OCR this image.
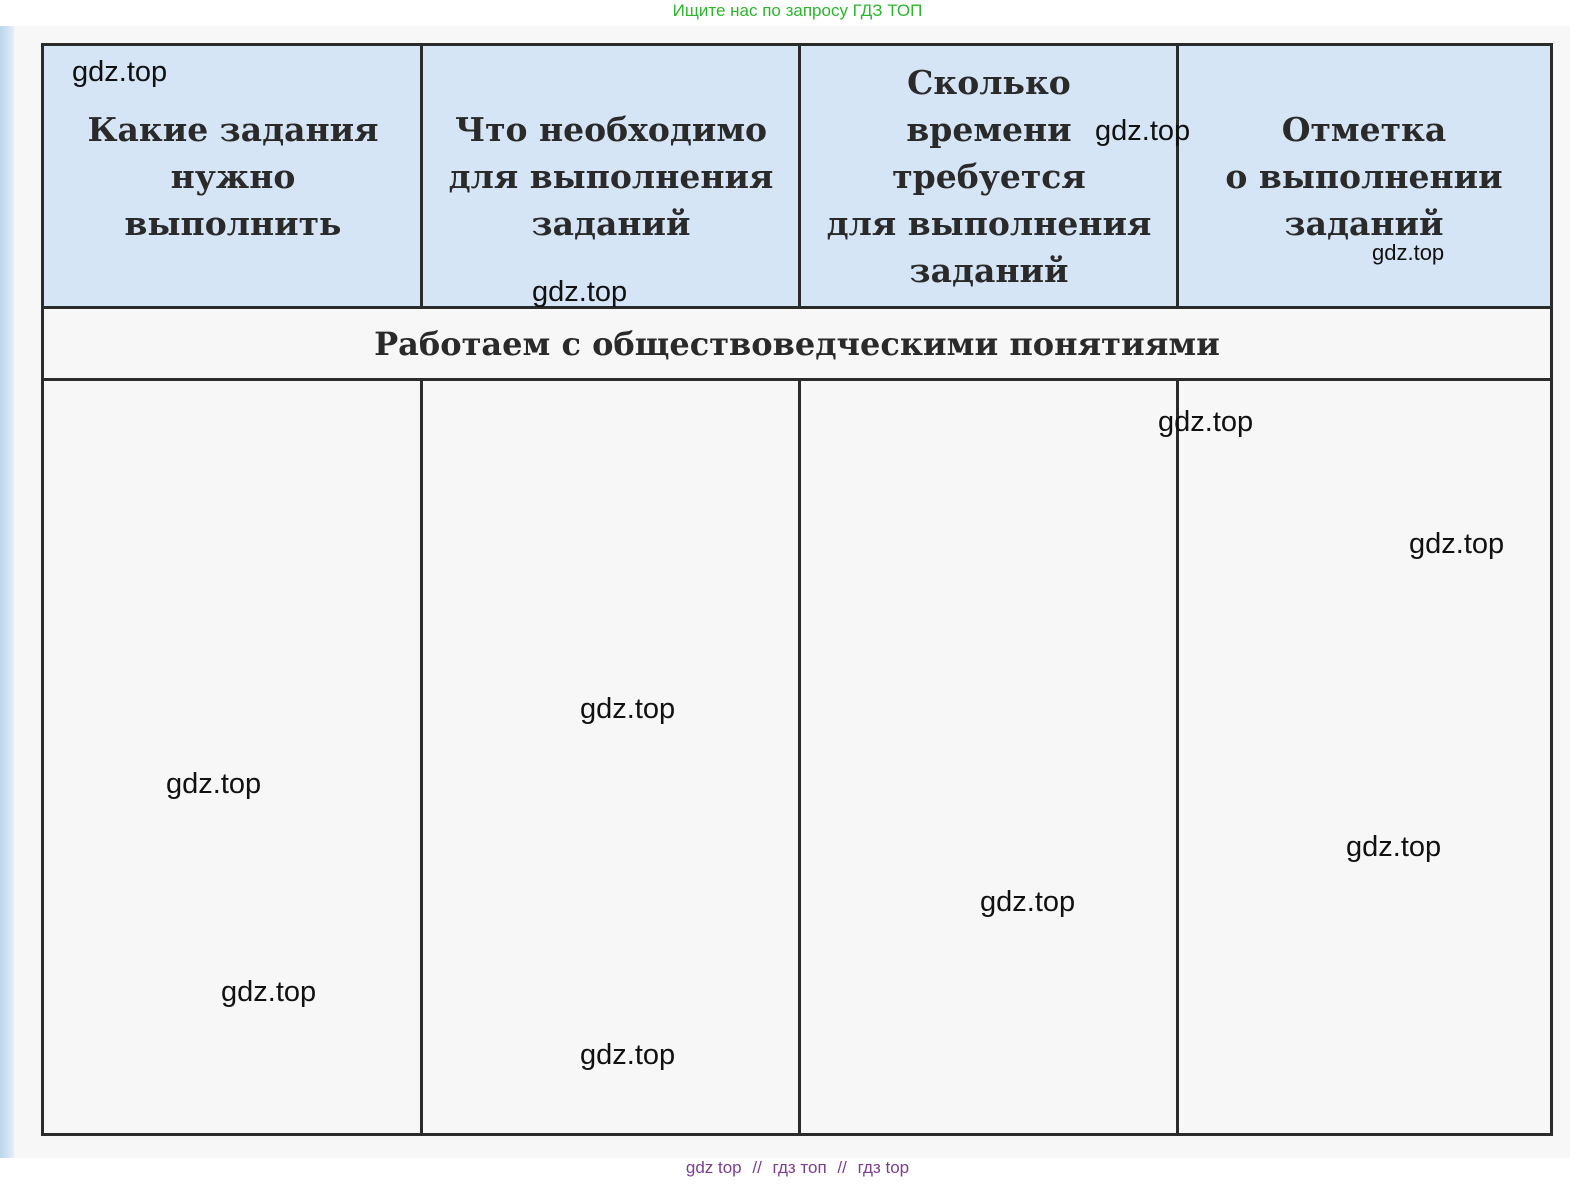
Ищите нас по запросу ГДЗ ТОП
Какие задания
нужно
выполнить
Что необходимо
для выполнения
заданий
Сколько
времени
требуется
для выполнения
заданий
Отметка
о выполнении
заданий
Работаем с обществоведческими понятиями
gdz.top
gdz.top
gdz.top
gdz.top
gdz.top
gdz.top
gdz.top
gdz.top
gdz.top
gdz.top
gdz.top
gdz.top
gdz top // гдз топ // гдз top
